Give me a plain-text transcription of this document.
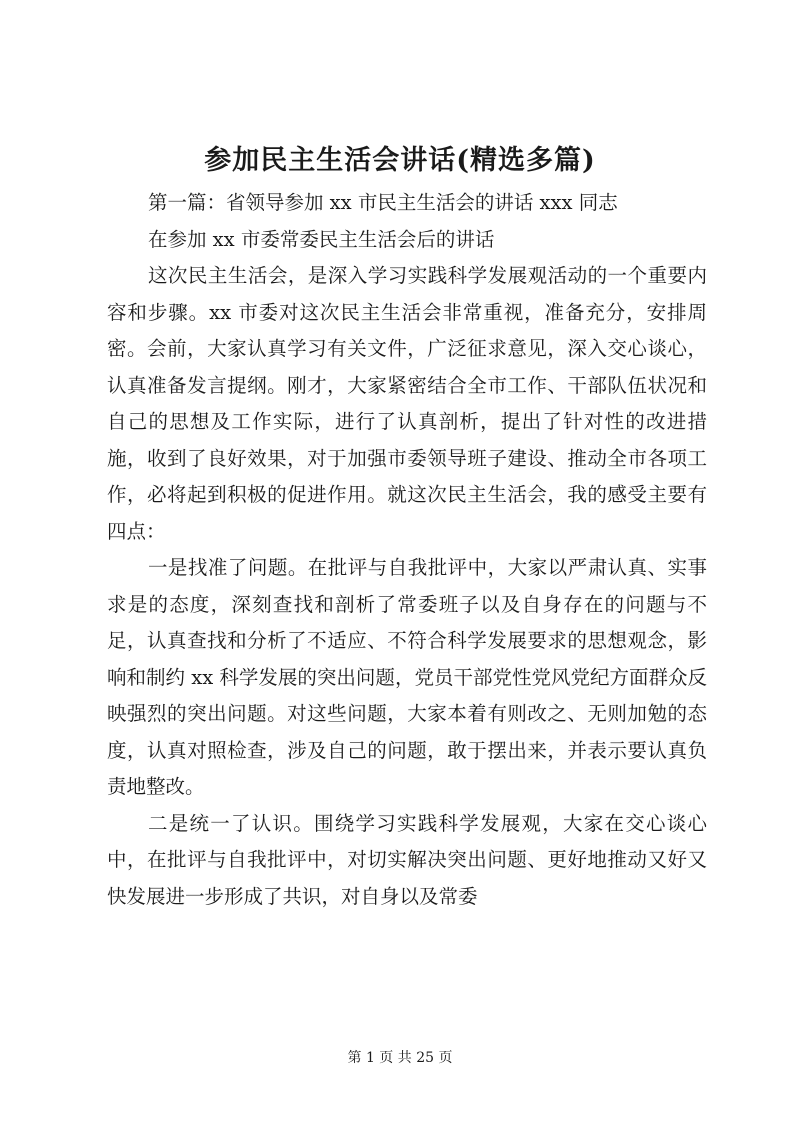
参加民主生活会讲话(精选多篇)

第一篇：省领导参加 xx 市民主生活会的讲话 xxx 同志

在参加 xx 市委常委民主生活会后的讲话

这次民主生活会，是深入学习实践科学发展观活动的一个重要内容和步骤。xx 市委对这次民主生活会非常重视，准备充分，安排周密。会前，大家认真学习有关文件，广泛征求意见，深入交心谈心，认真准备发言提纲。刚才，大家紧密结合全市工作、干部队伍状况和自己的思想及工作实际，进行了认真剖析，提出了针对性的改进措施，收到了良好效果，对于加强市委领导班子建设、推动全市各项工作，必将起到积极的促进作用。就这次民主生活会，我的感受主要有四点：

一是找准了问题。在批评与自我批评中，大家以严肃认真、实事求是的态度，深刻查找和剖析了常委班子以及自身存在的问题与不足，认真查找和分析了不适应、不符合科学发展要求的思想观念，影响和制约 xx 科学发展的突出问题，党员干部党性党风党纪方面群众反映强烈的突出问题。对这些问题，大家本着有则改之、无则加勉的态度，认真对照检查，涉及自己的问题，敢于摆出来，并表示要认真负责地整改。

二是统一了认识。围绕学习实践科学发展观，大家在交心谈心中，在批评与自我批评中，对切实解决突出问题、更好地推动又好又快发展进一步形成了共识，对自身以及常委

第 1 页 共 25 页
